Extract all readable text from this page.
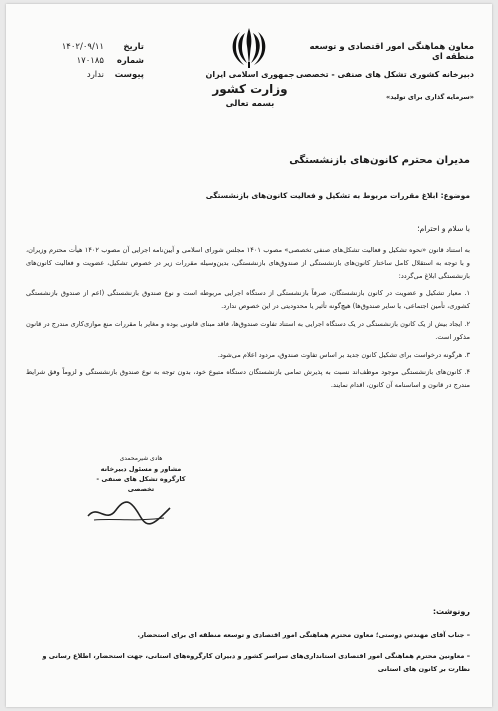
تاریخ
۱۴۰۲/۰۹/۱۱
شماره
۱۷۰۱۸۵
پیوست
ندارد	جمهوری اسلامی ایران
وزارت کشور
بسمه تعالی
معاون هماهنگی امور اقتصادی و توسعه منطقه ای
دبیرخانه کشوری تشکل های صنفی - تخصصی
«سرمایه گذاری برای تولید»
مدیران محترم کانون‌های بازنشستگی
موضوع: ابلاغ مقررات مربوط به تشکیل و فعالیت کانون‌های بازنشستگی
با سلام و احترام؛

به استناد قانون «نحوه تشکیل و فعالیت تشکل‌های صنفی تخصصی» مصوب ۱۴۰۱ مجلس شورای اسلامی و آیین‌نامه اجرایی آن مصوب ۱۴۰۲ هیأت محترم وزیران، و با توجه به استقلال کامل ساختار کانون‌های بازنشستگی از صندوق‌های بازنشستگی، بدین‌وسیله مقررات زیر در خصوص تشکیل، عضویت و فعالیت کانون‌های بازنشستگی ابلاغ می‌گردد:

۱. معیار تشکیل و عضویت در کانون بازنشستگان، صرفاً بازنشستگی از دستگاه اجرایی مربوطه است و نوع صندوق بازنشستگی (اعم از صندوق بازنشستگی کشوری، تأمین اجتماعی، یا سایر صندوق‌ها) هیچ‌گونه تأثیر یا محدودیتی در این خصوص ندارد.

۲. ایجاد بیش از یک کانون بازنشستگی در یک دستگاه اجرایی به استناد تفاوت صندوق‌ها، فاقد مبنای قانونی بوده و مغایر با مقررات منع موازی‌کاری مندرج در قانون مذکور است.

۳. هرگونه درخواست برای تشکیل کانون جدید بر اساس تفاوت صندوق، مردود اعلام می‌شود.

۴. کانون‌های بازنشستگی موجود موظف‌اند نسبت به پذیرش تمامی بازنشستگان دستگاه متبوع خود، بدون توجه به نوع صندوق بازنشستگی و لزوماً وفق شرایط مندرج در قانون و اساسنامه آن کانون، اقدام نمایند.

هادی شیرمحمدی
مشاور و مسئول دبیرخانه
کارگروه تشکل های صنفی - تخصصی
رونوشت:

– جناب آقای مهندس دوستی؛ معاون محترم هماهنگی امور اقتصادی و توسعه منطقه ای برای استحضار.

– معاونین محترم هماهنگی امور اقتصادی استانداری‌های سراسر کشور و دبیران کارگروه‌های استانی، جهت استحضار، اطلاع رسانی و نظارت بر کانون های استانی
